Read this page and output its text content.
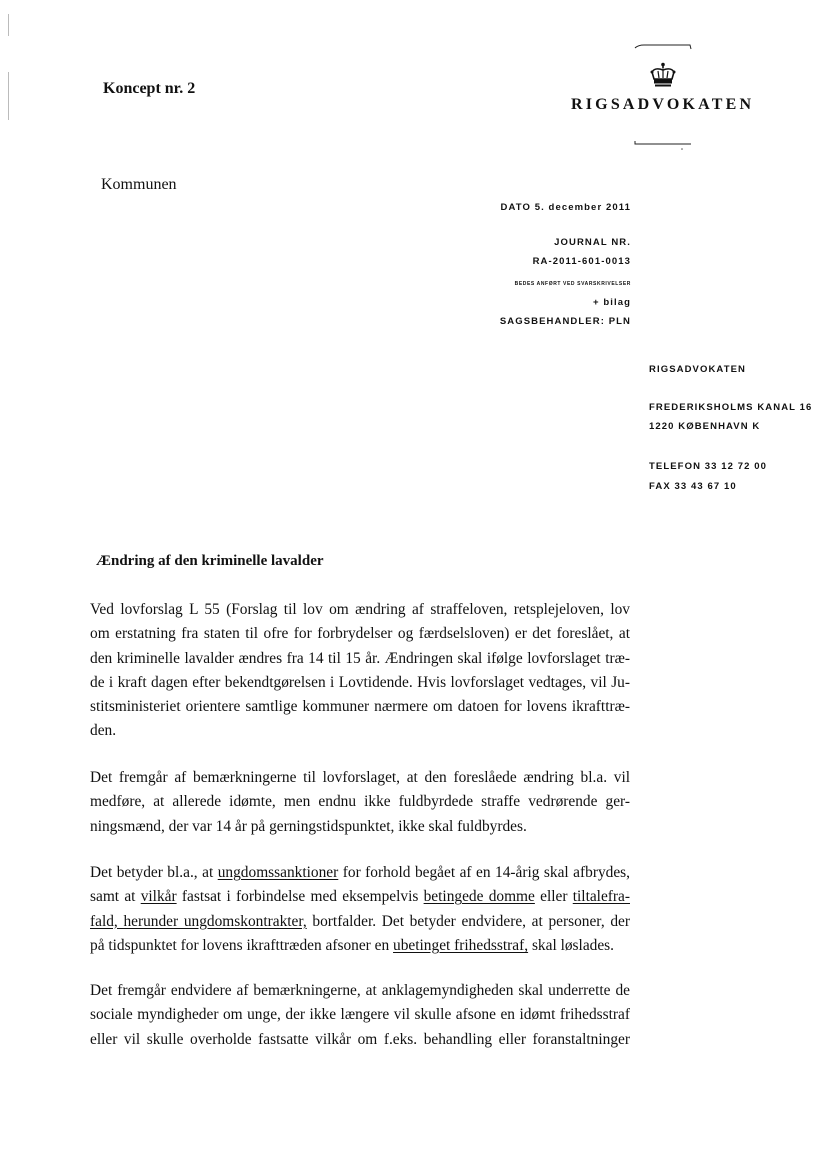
Koncept nr. 2
RIGSADVOKATEN
Kommunen
DATO 5. december 2011
JOURNAL NR.
RA-2011-601-0013
BEDES ANFØRT VED SVARSKRIVELSER
+ bilag
SAGSBEHANDLER: PLN
RIGSADVOKATEN
FREDERIKSHOLMS KANAL 16
1220 KØBENHAVN K
TELEFON 33 12 72 00
FAX 33 43 67 10
Ændring af den kriminelle lavalder
Ved lovforslag L 55 (Forslag til lov om ændring af straffeloven, retsplejeloven, lov
om erstatning fra staten til ofre for forbrydelser og færdselsloven) er det foreslået, at
den kriminelle lavalder ændres fra 14 til 15 år. Ændringen skal ifølge lovforslaget træ-
de i kraft dagen efter bekendtgørelsen i Lovtidende. Hvis lovforslaget vedtages, vil Ju-
stitsministeriet orientere samtlige kommuner nærmere om datoen for lovens ikrafttræ-
den.
Det fremgår af bemærkningerne til lovforslaget, at den foreslåede ændring bl.a. vil
medføre, at allerede idømte, men endnu ikke fuldbyrdede straffe vedrørende ger-
ningsmænd, der var 14 år på gerningstidspunktet, ikke skal fuldbyrdes.
Det betyder bl.a., at ungdomssanktioner for forhold begået af en 14-årig skal afbrydes,
samt at vilkår fastsat i forbindelse med eksempelvis betingede domme eller tiltalefra-
fald, herunder ungdomskontrakter, bortfalder. Det betyder endvidere, at personer, der
på tidspunktet for lovens ikrafttræden afsoner en ubetinget frihedsstraf, skal løslades.
Det fremgår endvidere af bemærkningerne, at anklagemyndigheden skal underrette de
sociale myndigheder om unge, der ikke længere vil skulle afsone en idømt frihedsstraf
eller vil skulle overholde fastsatte vilkår om f.eks. behandling eller foranstaltninger
